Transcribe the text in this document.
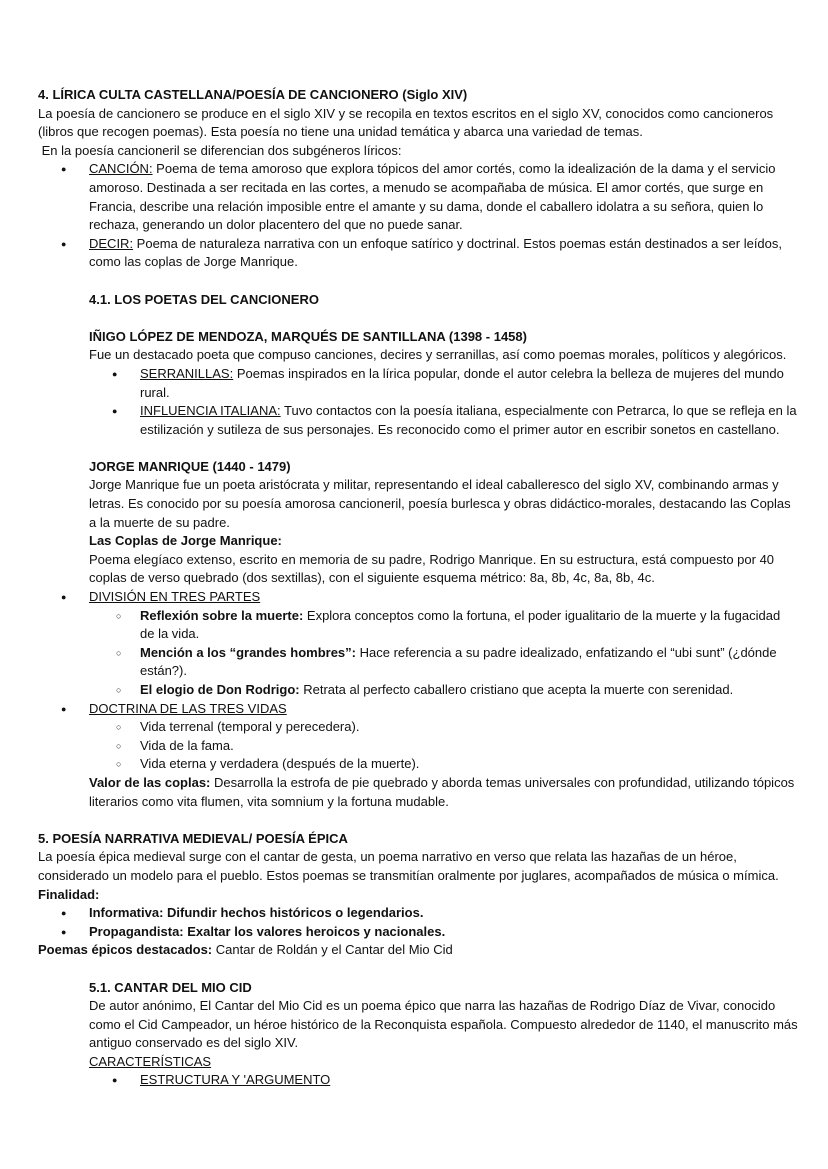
4. LÍRICA CULTA CASTELLANA/POESÍA DE CANCIONERO (Siglo XIV)

La poesía de cancionero se produce en el siglo XIV y se recopila en textos escritos en el siglo XV, conocidos como cancioneros (libros que recogen poemas). Esta poesía no tiene una unidad temática y abarca una variedad de temas.

En la poesía cancioneril se diferencian dos subgéneros líricos:

● CANCIÓN: Poema de tema amoroso que explora tópicos del amor cortés, como la idealización de la dama y el servicio amoroso. Destinada a ser recitada en las cortes, a menudo se acompañaba de música. El amor cortés, que surge en Francia, describe una relación imposible entre el amante y su dama, donde el caballero idolatra a su señora, quien lo rechaza, generando un dolor placentero del que no puede sanar.
● DECIR: Poema de naturaleza narrativa con un enfoque satírico y doctrinal. Estos poemas están destinados a ser leídos, como las coplas de Jorge Manrique.

4.1. LOS POETAS DEL CANCIONERO

IÑIGO LÓPEZ DE MENDOZA, MARQUÉS DE SANTILLANA (1398 - 1458)

Fue un destacado poeta que compuso canciones, decires y serranillas, así como poemas morales, políticos y alegóricos.

● SERRANILLAS: Poemas inspirados en la lírica popular, donde el autor celebra la belleza de mujeres del mundo rural.
● INFLUENCIA ITALIANA: Tuvo contactos con la poesía italiana, especialmente con Petrarca, lo que se refleja en la estilización y sutileza de sus personajes. Es reconocido como el primer autor en escribir sonetos en castellano.

JORGE MANRIQUE (1440 - 1479)

Jorge Manrique fue un poeta aristócrata y militar, representando el ideal caballeresco del siglo XV, combinando armas y letras. Es conocido por su poesía amorosa cancioneril, poesía burlesca y obras didáctico-morales, destacando las Coplas a la muerte de su padre.

Las Coplas de Jorge Manrique:

Poema elegíaco extenso, escrito en memoria de su padre, Rodrigo Manrique. En su estructura, está compuesto por 40 coplas de verso quebrado (dos sextillas), con el siguiente esquema métrico: 8a, 8b, 4c, 8a, 8b, 4c.

● DIVISIÓN EN TRES PARTES
○ Reflexión sobre la muerte: Explora conceptos como la fortuna, el poder igualitario de la muerte y la fugacidad de la vida.
○ Mención a los “grandes hombres”: Hace referencia a su padre idealizado, enfatizando el “ubi sunt” (¿dónde están?).
○ El elogio de Don Rodrigo: Retrata al perfecto caballero cristiano que acepta la muerte con serenidad.
● DOCTRINA DE LAS TRES VIDAS
○ Vida terrenal (temporal y perecedera).
○ Vida de la fama.
○ Vida eterna y verdadera (después de la muerte).

Valor de las coplas: Desarrolla la estrofa de pie quebrado y aborda temas universales con profundidad, utilizando tópicos literarios como vita flumen, vita somnium y la fortuna mudable.

5. POESÍA NARRATIVA MEDIEVAL/ POESÍA ÉPICA

La poesía épica medieval surge con el cantar de gesta, un poema narrativo en verso que relata las hazañas de un héroe, considerado un modelo para el pueblo. Estos poemas se transmitían oralmente por juglares, acompañados de música o mímica. Finalidad:

● Informativa: Difundir hechos históricos o legendarios.
● Propagandista: Exaltar los valores heroicos y nacionales.

Poemas épicos destacados: Cantar de Roldán y el Cantar del Mio Cid

5.1. CANTAR DEL MIO CID

De autor anónimo, El Cantar del Mio Cid es un poema épico que narra las hazañas de Rodrigo Díaz de Vivar, conocido como el Cid Campeador, un héroe histórico de la Reconquista española. Compuesto alrededor de 1140, el manuscrito más antiguo conservado es del siglo XIV.

CARACTERÍSTICAS

● ESTRUCTURA Y 'ARGUMENTO
